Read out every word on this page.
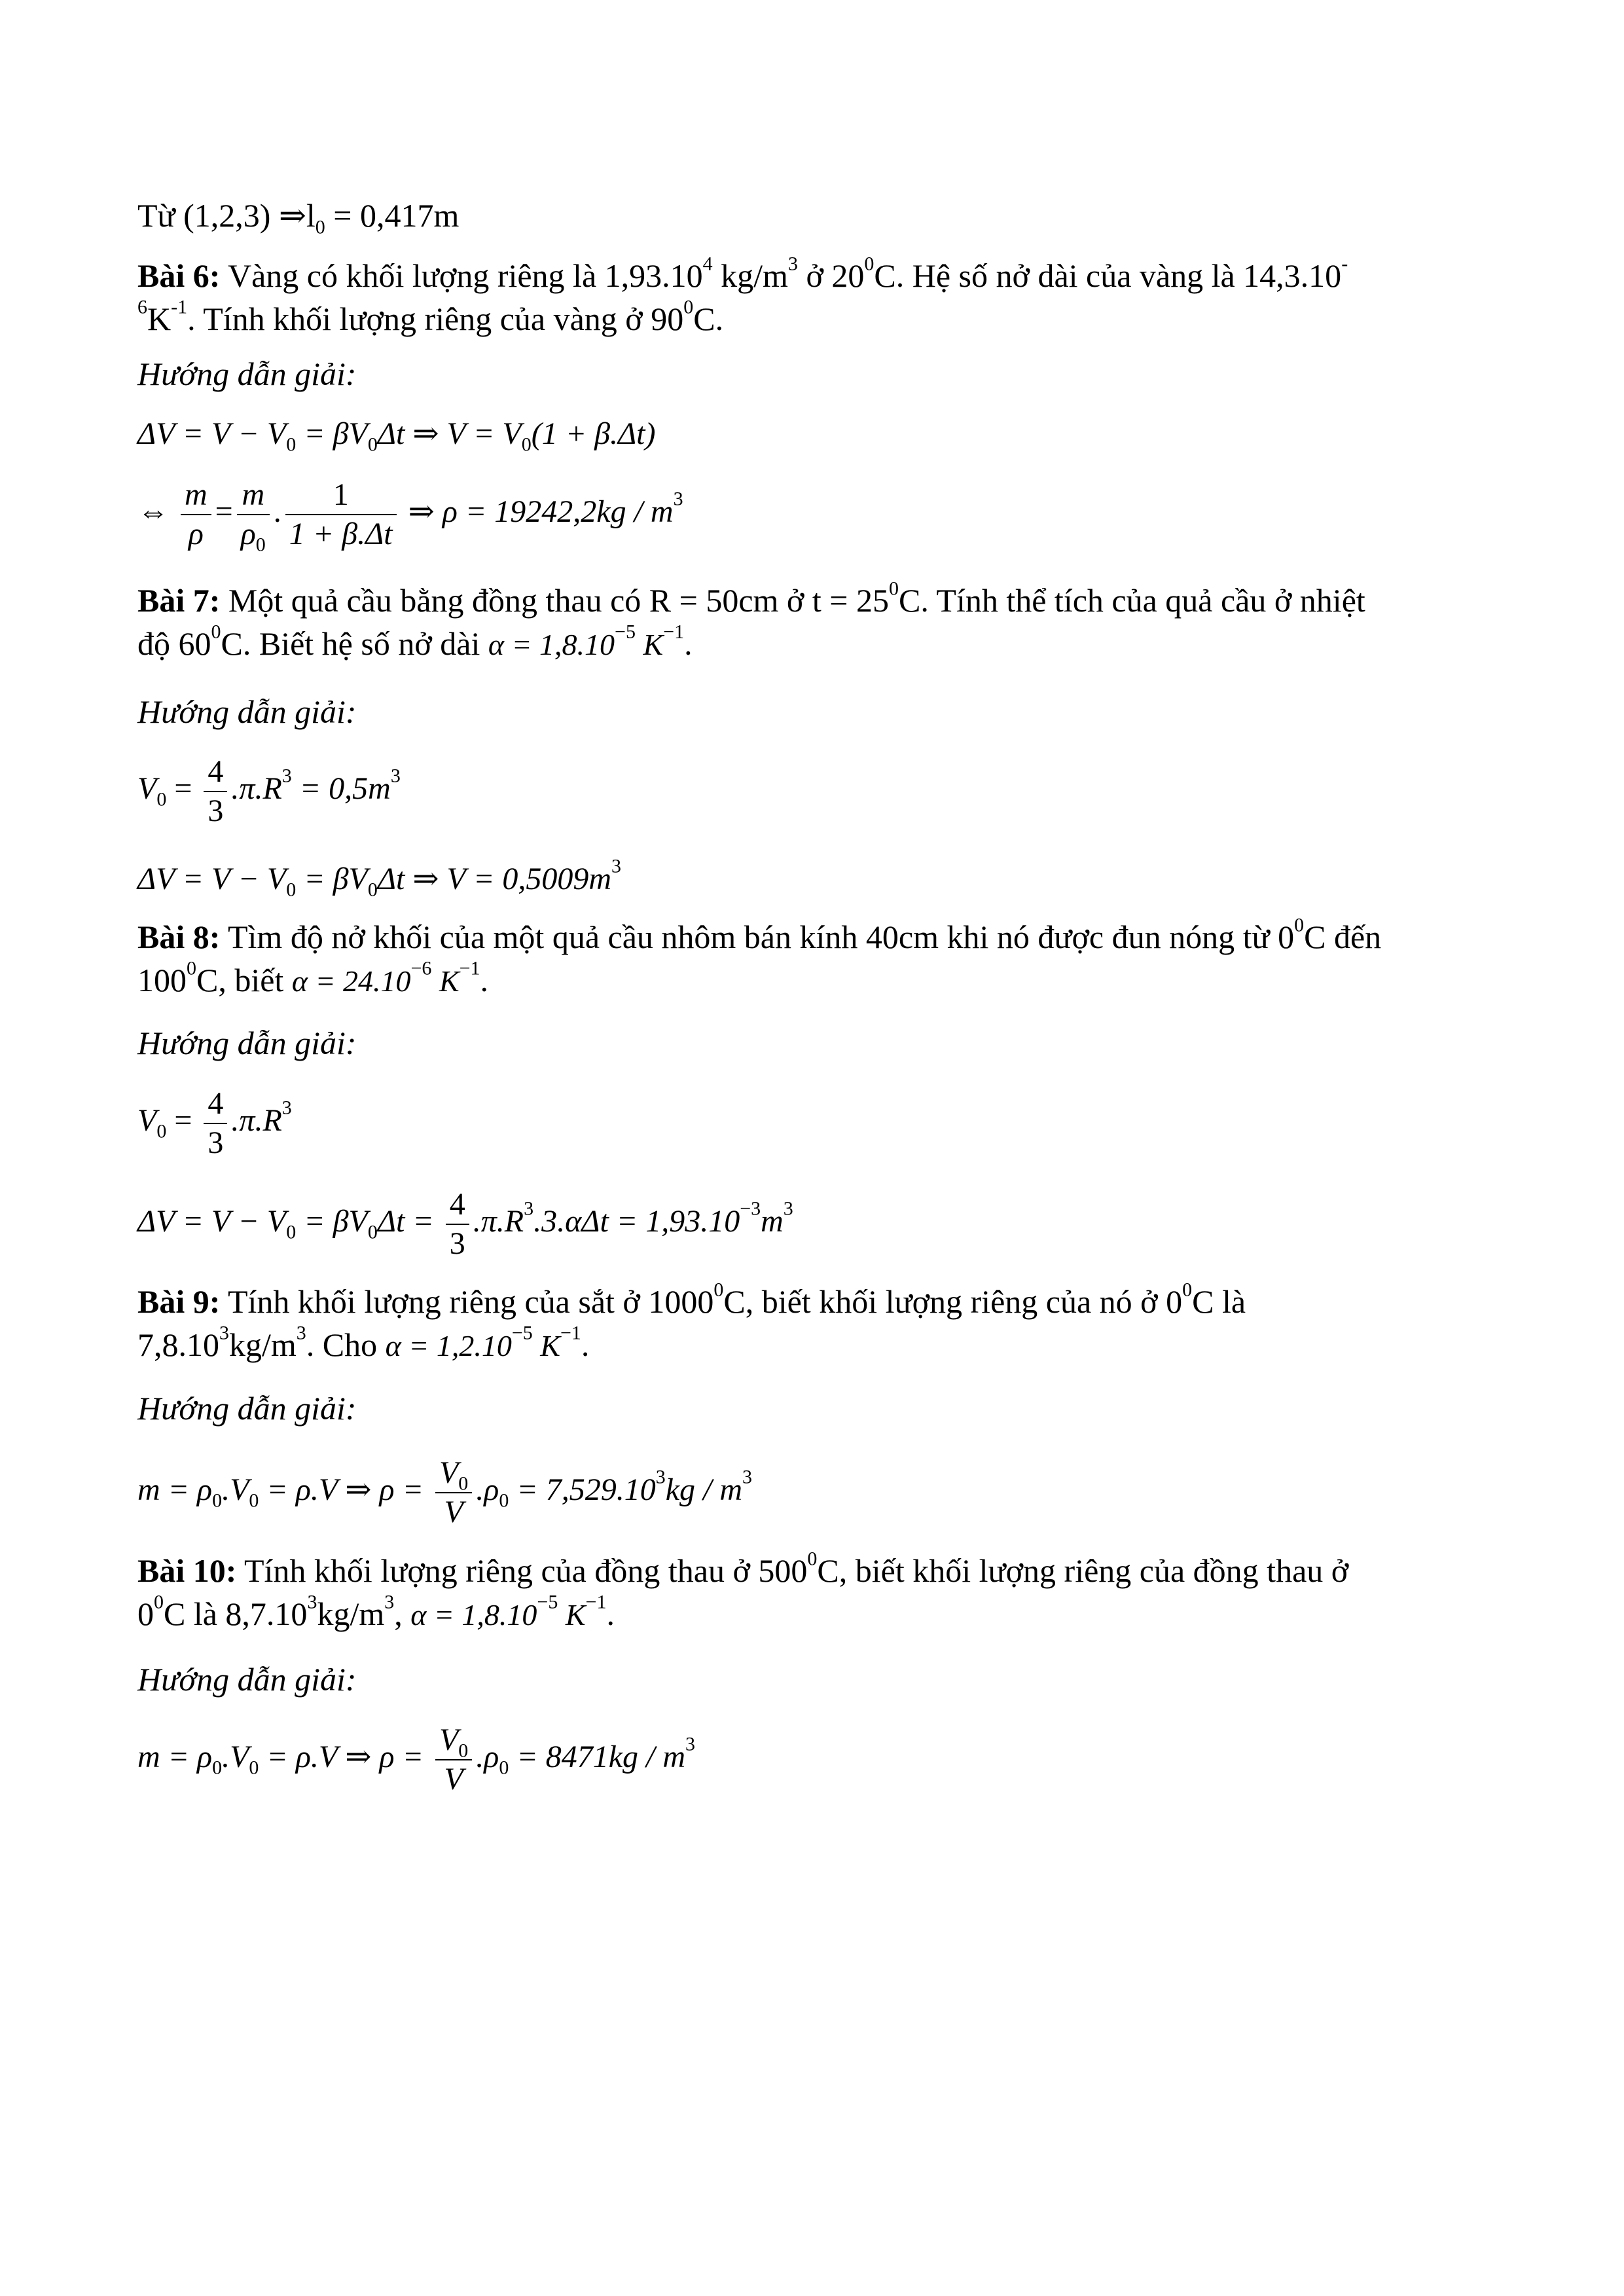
Từ (1,2,3) $\Rightarrow l_0 = 0,417m$
Bài 6: Vàng có khối lượng riêng là 1,93.10$^4$ $kg/m^3$ ở $20^0C$. Hệ số nở dài của vàng là 14,3.10-
$^6K^{-1}$. Tính khối lượng riêng của vàng ở $90^0C$.
Hướng dẫn giải:
$\Delta V = V - V_0 = \beta V_0\Delta t$ ⇒ $V = V_0(1 + \beta.\Delta t)$
⇔ $\frac{m}{\rho} = \frac{m}{\rho_0}$ . $\frac{1}{1 + \beta.\Delta t}$ ⇒ $\rho = 19242,2kg / m^3$
Bài 7: Một quả cầu bằng đồng thau có R = 50cm ở $t = 25^0C$. Tính thể tích của quả cầu ở nhiệt
độ $60^0C$. Biết hệ số nở dài $\alpha = 1,8.10^{-5}$ $K^{-1}$.
Hướng dẫn giải:
$V_0 = \frac{4}{3} .\pi.R^3 = 0,5m^3$
$\Delta V = V - V_0 = \beta V_0\Delta t$ ⇒ $V = 0,5009m^3$
Bài 8: Tìm độ nở khối của một quả cầu nhôm bán kính 40cm khi nó được đun nóng từ $0^0C$ đến
$100^0C$, biết $\alpha = 24.10^{-6}$ $K^{-1}$.
Hướng dẫn giải:
$V_0 = \frac{4}{3} .\pi.R^3$
$\Delta V = V - V_0 = \beta V_0\Delta t = \frac{4}{3} .\pi.R^3.3.\alpha\Delta t = 1,93.10^{-3}m^3$
Bài 9: Tính khối lượng riêng của sắt ở 1000$^0$C, biết khối lượng riêng của nó ở $0^0C$ là
$7,8.10^3kg/m^3$. Cho $\alpha = 1,2.10^{-5}$ $K^{-1}$.
Hướng dẫn giải:
$m = \rho_0.V_0 = \rho.V$ ⇒ $\rho = \frac{V_0}{V} .\rho_0 = 7,529.10^3kg / m^3$
Bài 10: Tính khối lượng riêng của đồng thau ở $500^0C$, biết khối lượng riêng của đồng thau ở
$0^0C$ là $8,7.10^3kg/m^3$, $\alpha = 1,8.10^{-5}$ $K^{-1}$.
Hướng dẫn giải:
$m = \rho_0.V_0 = \rho.V$ ⇒ $\rho = \frac{V_0}{V} .\rho_0 = 8471kg / m^3$
